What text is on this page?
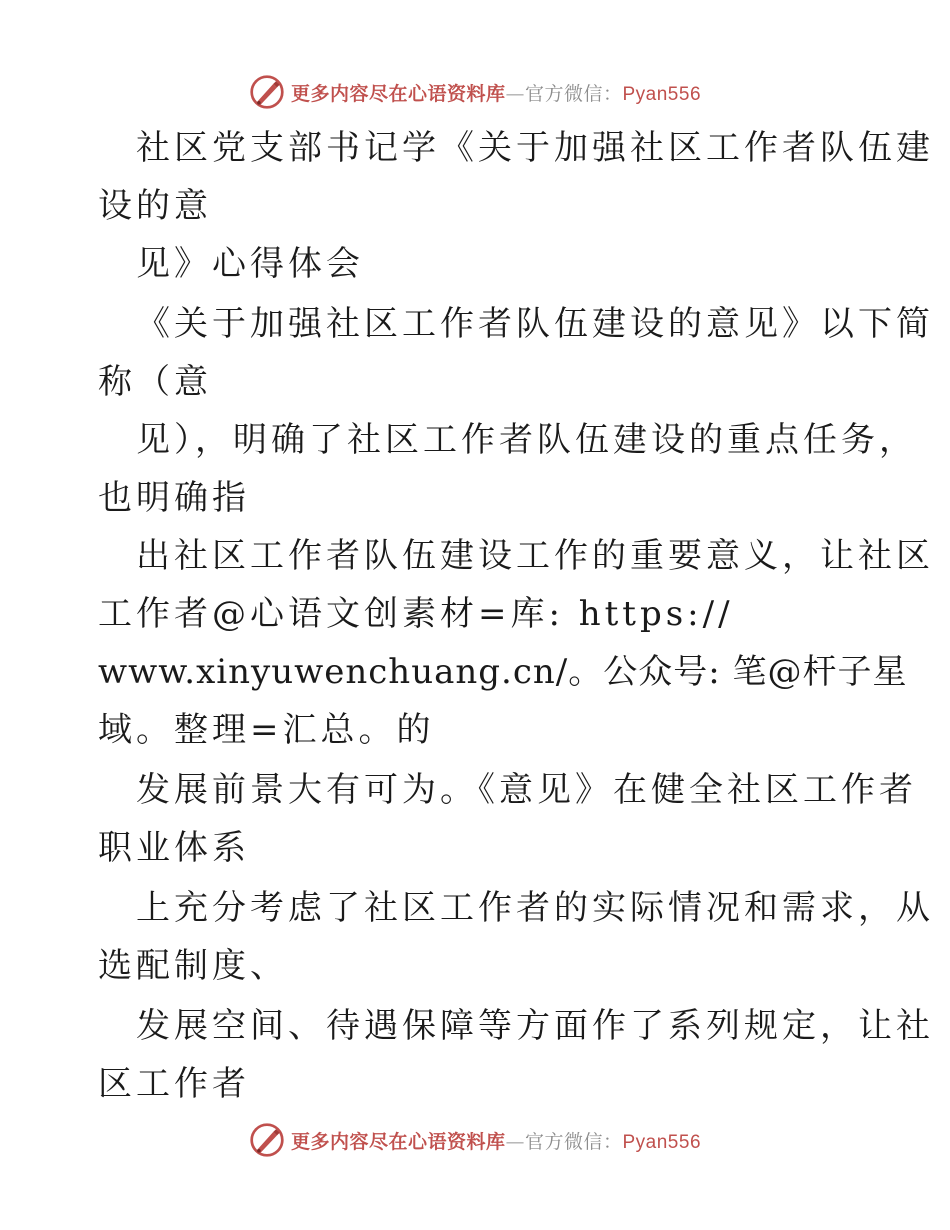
更多内容尽在心语资料库—官方微信：Pyan556
社区党支部书记学《关于加强社区工作者队伍建
设的意
见》心得体会
《关于加强社区工作者队伍建设的意见》以下简
称（意
见），明确了社区工作者队伍建设的重点任务，
也明确指
出社区工作者队伍建设工作的重要意义，让社区
工作者@心语文创素材=库: https://
www.xinyuwenchuang.cn/。公众号: 笔@杆子星
域。整理=汇总。的
发展前景大有可为。《意见》在健全社区工作者
职业体系
上充分考虑了社区工作者的实际情况和需求，从
选配制度、
发展空间、待遇保障等方面作了系列规定，让社
区工作者
更多内容尽在心语资料库—官方微信：Pyan556
